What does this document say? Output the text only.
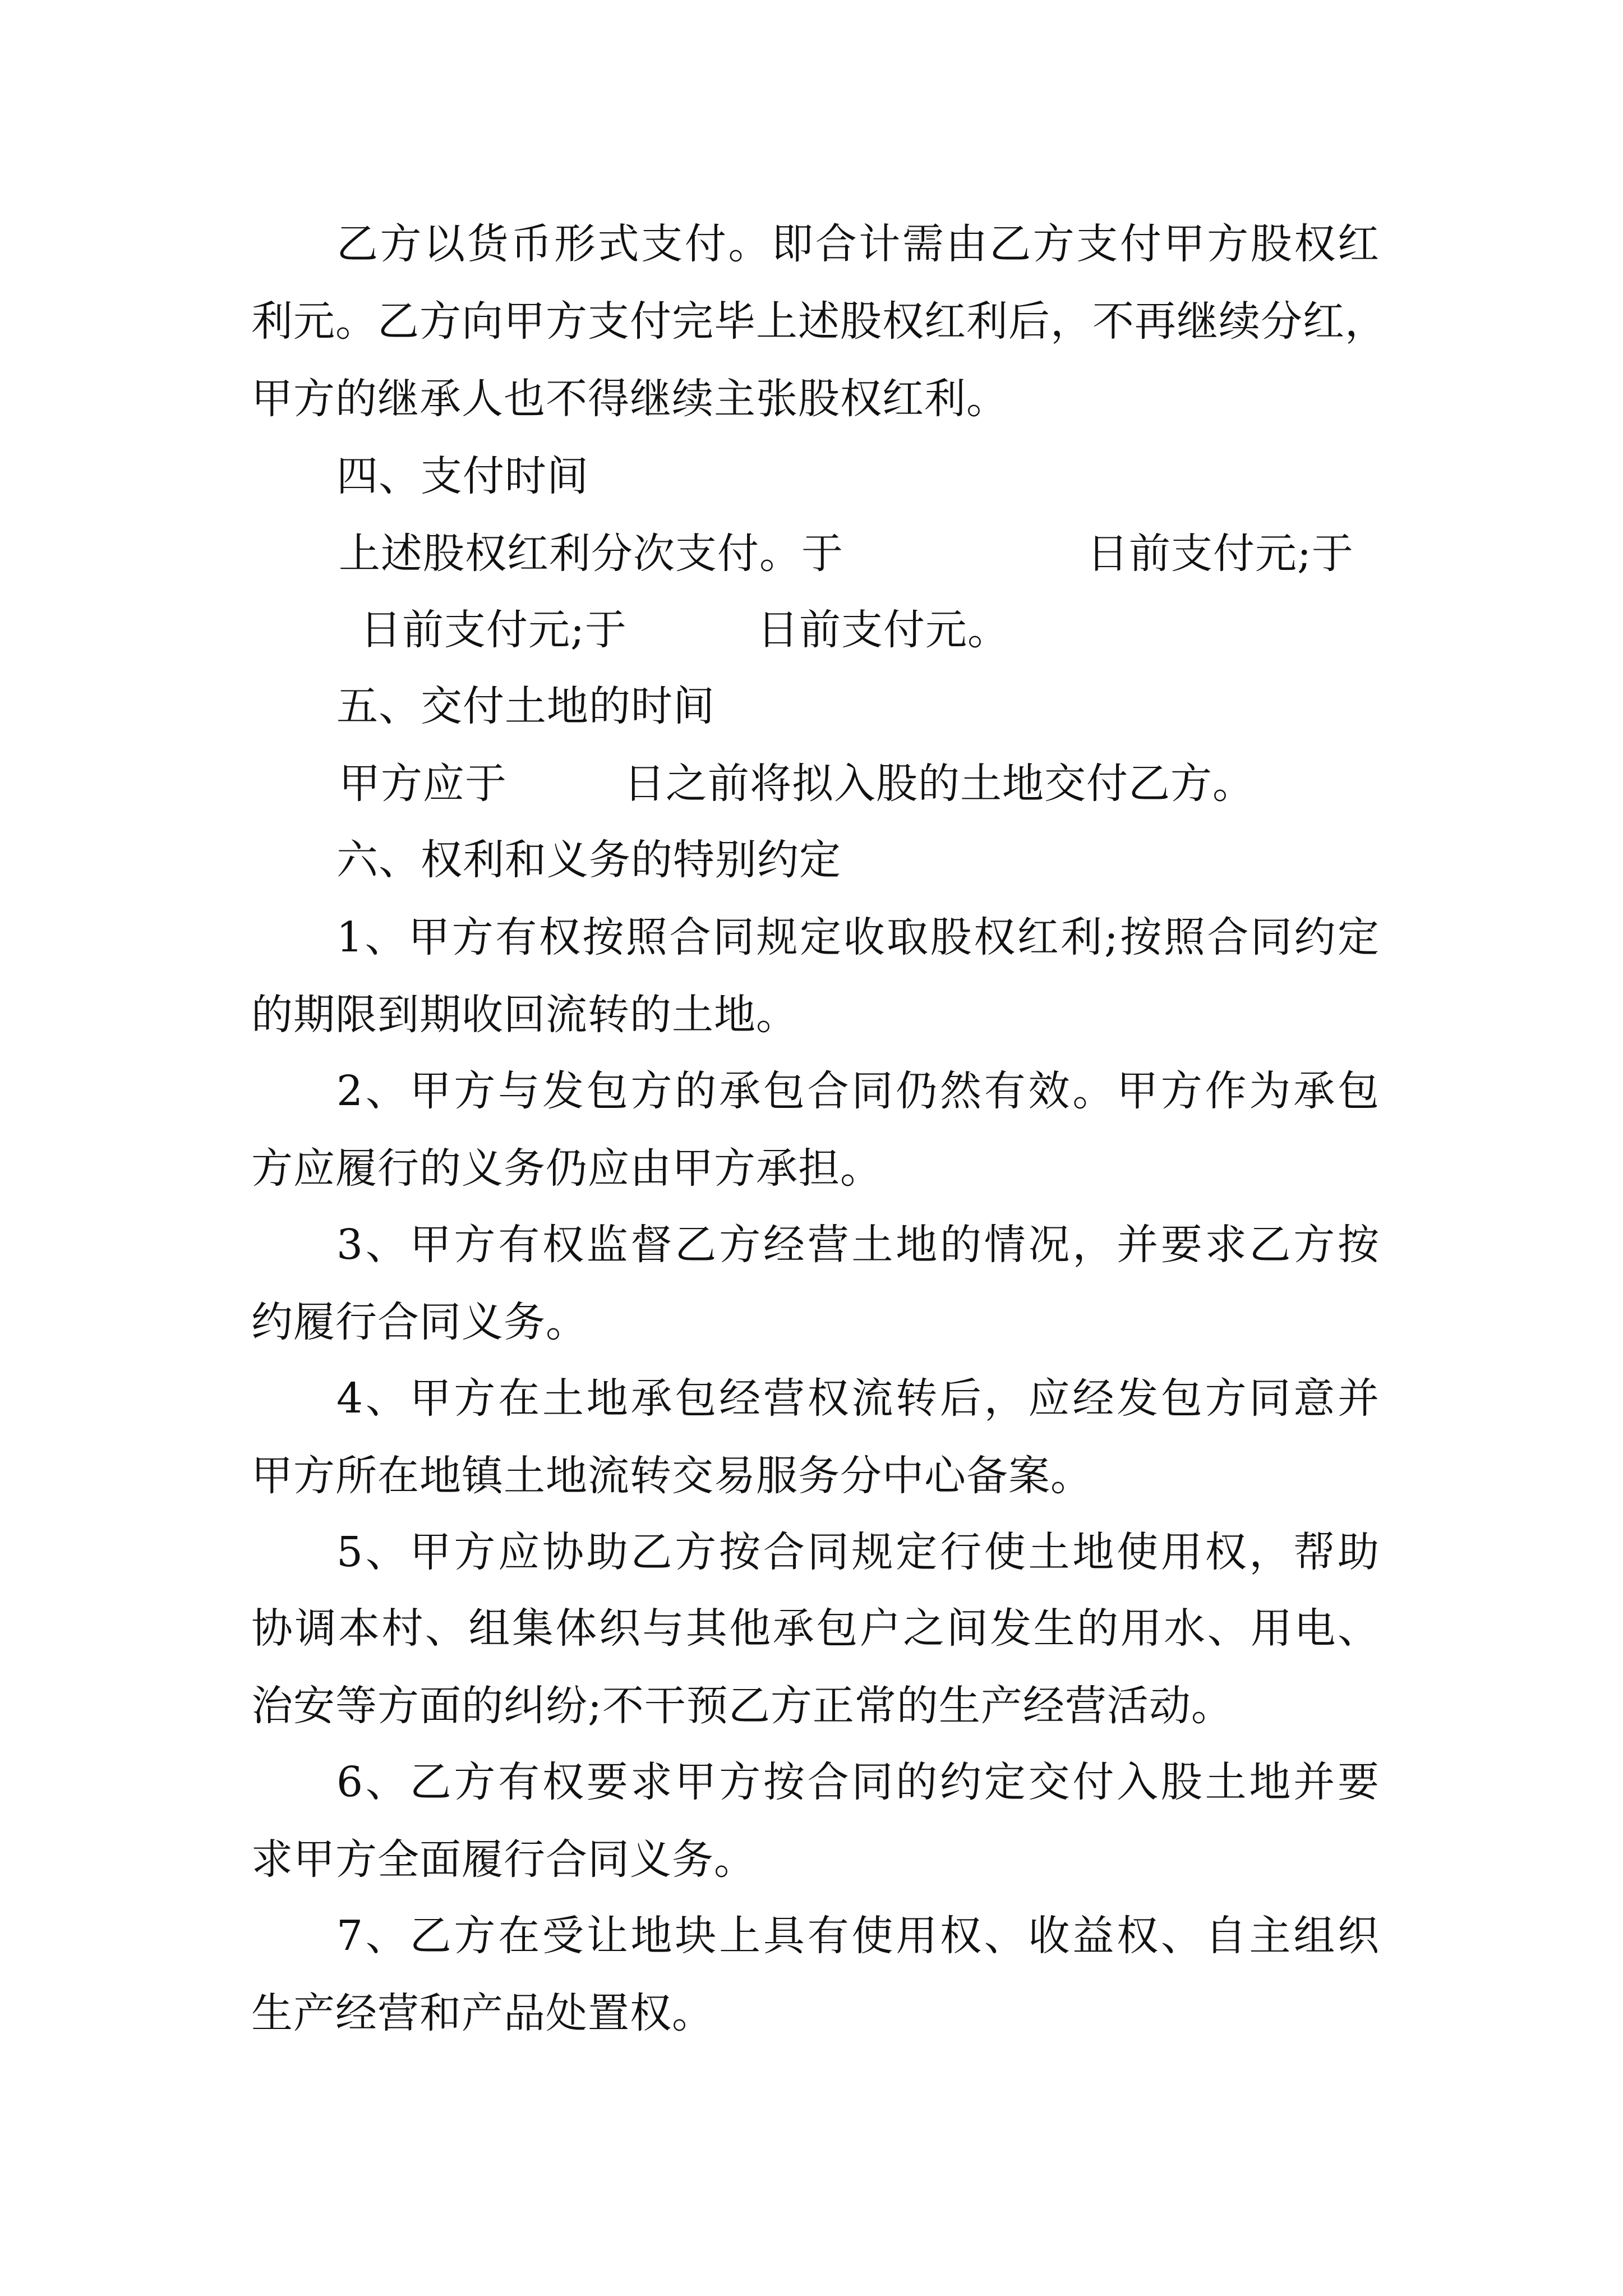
乙方以货币形式支付。即合计需由乙方支付甲方股权红
利元。乙方向甲方支付完毕上述股权红利后，不再继续分红，
甲方的继承人也不得继续主张股权红利。
四、支付时间
上述股权红利分次支付。于	日前支付元;于
日前支付元;于	日前支付元。
五、交付土地的时间
甲方应于	日之前将拟入股的土地交付乙方。
六、权利和义务的特别约定
1、甲方有权按照合同规定收取股权红利;按照合同约定
的期限到期收回流转的土地。
2、甲方与发包方的承包合同仍然有效。甲方作为承包
方应履行的义务仍应由甲方承担。
3、甲方有权监督乙方经营土地的情况，并要求乙方按
约履行合同义务。
4、甲方在土地承包经营权流转后，应经发包方同意并
甲方所在地镇土地流转交易服务分中心备案。
5、甲方应协助乙方按合同规定行使土地使用权，帮助
协调本村、组集体织与其他承包户之间发生的用水、用电、
治安等方面的纠纷;不干预乙方正常的生产经营活动。
6、乙方有权要求甲方按合同的约定交付入股土地并要
求甲方全面履行合同义务。
7、乙方在受让地块上具有使用权、收益权、自主组织
生产经营和产品处置权。
